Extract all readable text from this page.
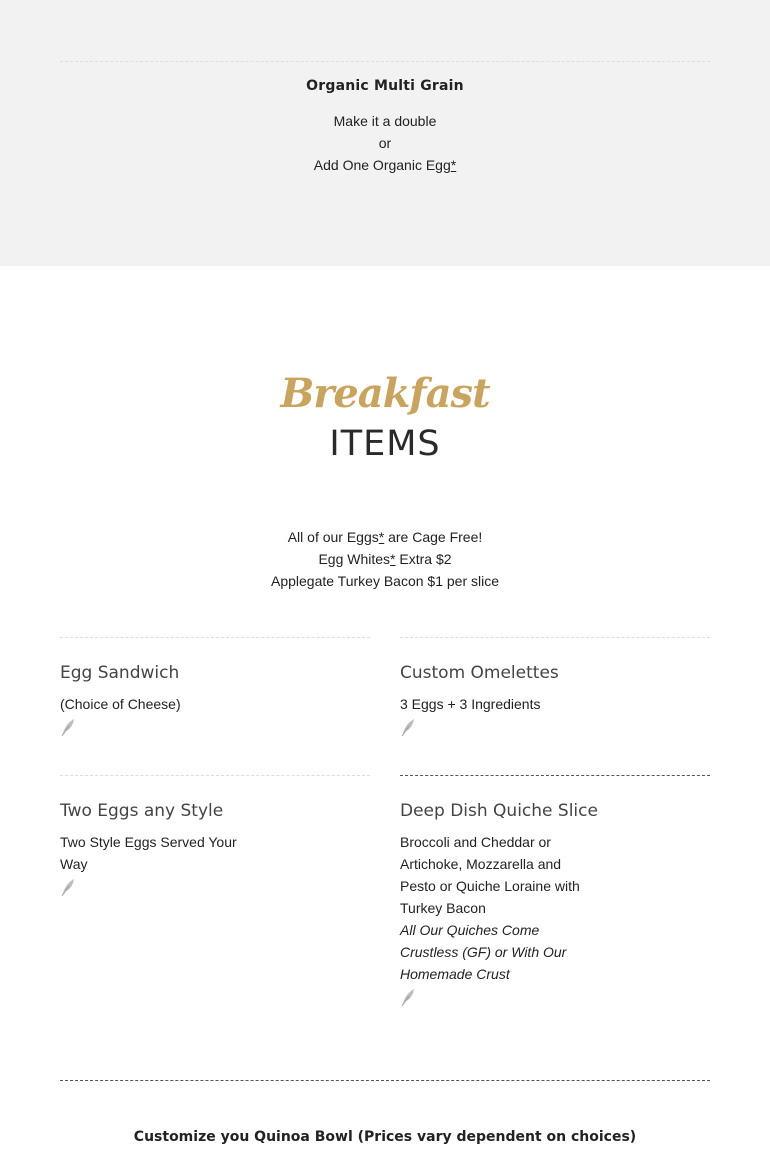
Organic Multi Grain
Make it a double
or
Add One Organic Egg*
Breakfast
ITEMS
All of our Eggs* are Cage Free!
Egg Whites* Extra $2
Applegate Turkey Bacon $1 per slice
Egg Sandwich
(Choice of Cheese)
Custom Omelettes
3 Eggs + 3 Ingredients
Two Eggs any Style
Two Style Eggs Served Your Way
Deep Dish Quiche Slice
Broccoli and Cheddar or Artichoke, Mozzarella and Pesto or Quiche Loraine with Turkey Bacon
All Our Quiches Come Crustless (GF) or With Our Homemade Crust
Customize you Quinoa Bowl (Prices vary dependent on choices)
